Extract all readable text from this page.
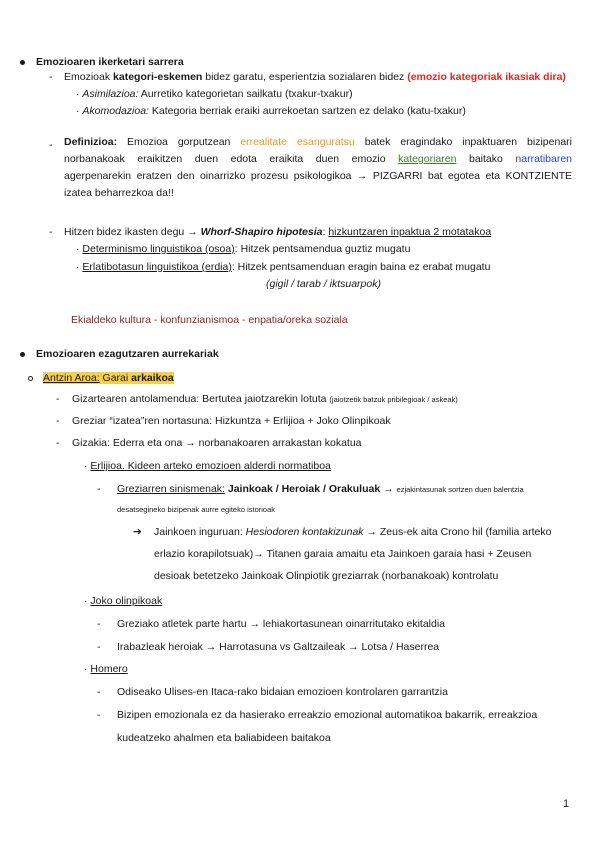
Emozioaren ikerketari sarrera
- Emozioak kategori-eskemen bidez garatu, esperientzia sozialaren bidez (emozio kategoriak ikasiak dira)
· Asimilazioa: Aurretiko kategorietan sailkatu (txakur-txakur)
· Akomodazioa: Kategoria berriak eraiki aurrekoetan sartzen ez delako (katu-txakur)
- Definizioa: Emozioa gorputzean errealitate esanguratsu batek eragindako inpaktuaren bizipenari
norbanakoak eraikitzen duen edota eraikita duen emozio kategoriaren baitako narratibaren
agerpenarekin eratzen den oinarrizko prozesu psikologikoa → PIZGARRI bat egotea eta KONTZIENTE
izatea beharrezkoa da!!
- Hitzen bidez ikasten degu → Whorf-Shapiro hipotesia: hizkuntzaren inpaktua 2 motatakoa
· Determinismo linguistikoa (osoa): Hitzek pentsamendua guztiz mugatu
· Erlatibotasun linguistikoa (erdia): Hitzek pentsamenduan eragin baina ez erabat mugatu
(gigil / tarab / iktsuarpok)
Ekialdeko kultura - konfunzianismoa - enpatia/oreka soziala
Emozioaren ezagutzaren aurrekariak
Antzin Aroa: Garai arkaikoa
- Gizartearen antolamendua: Bertutea jaiotzarekin lotuta (jaiotzetik batzuk pribilegioak / askeak)
- Greziar “izatea”ren nortasuna: Hizkuntza + Erlijioa + Joko Olinpikoak
- Gizakia: Ederra eta ona → norbanakoaren arrakastan kokatua
· Erlijioa. Kideen arteko emozioen alderdi normatiboa
- Greziarren sinismenak: Jainkoak / Heroiak / Orakuluak → ezjakintasunak sortzen duen balentzia
desatsegineko bizipenak aurre egiteko istorioak
➔ Jainkoen inguruan: Hesiodoren kontakizunak → Zeus-ek aita Crono hil (familia arteko
erlazio korapilotsuak)→ Titanen garaia amaitu eta Jainkoen garaia hasi + Zeusen
desioak betetzeko Jainkoak Olinpiotik greziarrak (norbanakoak) kontrolatu
· Joko olinpikoak
- Greziako atletek parte hartu → lehiakortasunean oinarritutako ekitaldia
- Irabazleak heroiak → Harrotasuna vs Galtzaileak → Lotsa / Haserrea
· Homero
- Odiseako Ulises-en Itaca-rako bidaian emozioen kontrolaren garrantzia
- Bizipen emozionala ez da hasierako erreakzio emozional automatikoa bakarrik, erreakzioa
kudeatzeko ahalmen eta baliabideen baitakoa
1
